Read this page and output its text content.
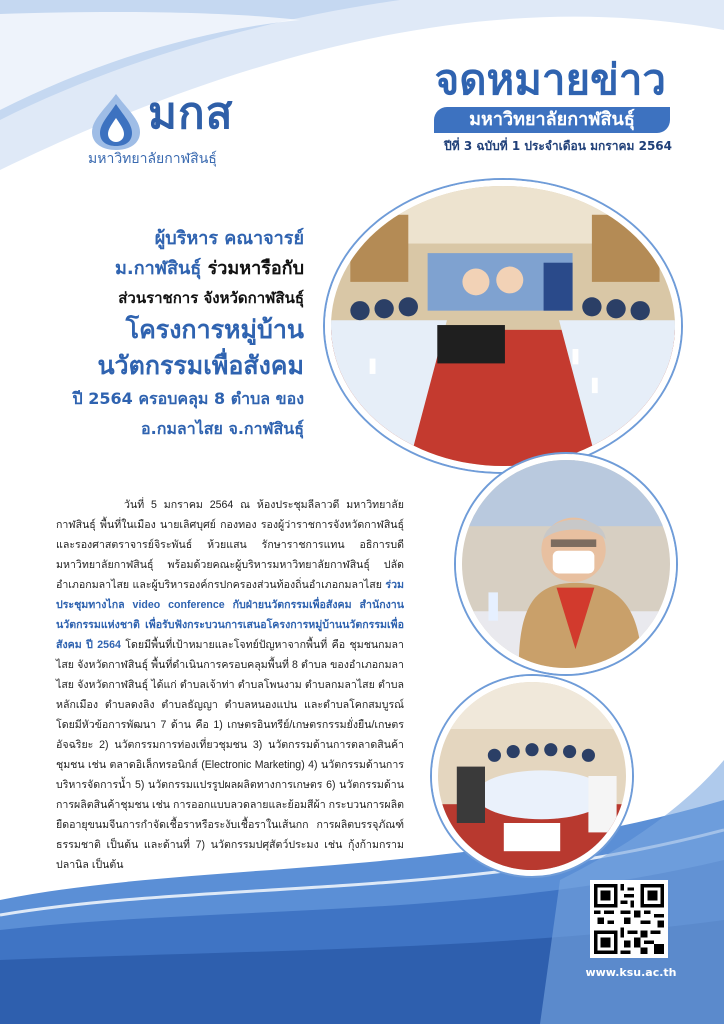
มกส
มหาวิทยาลัยกาฬสินธุ์
จดหมายข่าว
มหาวิทยาลัยกาฬสินธุ์
ปีที่ 3 ฉบับที่ 1 ประจำเดือน มกราคม 2564
ผู้บริหาร คณาจารย์
ม.กาฬสินธุ์ ร่วมหารือกับ
ส่วนราชการ จังหวัดกาฬสินธุ์
โครงการหมู่บ้าน
นวัตกรรมเพื่อสังคม
ปี 2564 ครอบคลุม 8 ตำบล ของ
อ.กมลาไสย จ.กาฬสินธุ์

วันที่ 5 มกราคม 2564 ณ ห้องประชุมลีลาวดี มหาวิทยาลัยกาฬสินธุ์ พื้นที่ในเมือง นายเลิศบุศย์ กองทอง รองผู้ว่าราชการจังหวัดกาฬสินธุ์ และรองศาสตราจารย์จิระพันธ์ ห้วยแสน รักษาราชการแทน อธิการบดีมหาวิทยาลัยกาฬสินธุ์ พร้อมด้วยคณะผู้บริหารมหาวิทยาลัยกาฬสินธุ์ ปลัดอำเภอกมลาไสย และผู้บริหารองค์กรปกครองส่วนท้องถิ่นอำเภอกมลาไสย ร่วมประชุมทางไกล video conference กับฝ่ายนวัตกรรมเพื่อสังคม สำนักงานนวัตกรรมแห่งชาติ เพื่อรับฟังกระบวนการเสนอโครงการหมู่บ้านนวัตกรรมเพื่อสังคม ปี 2564 โดยมีพื้นที่เป้าหมายและโจทย์ปัญหาจากพื้นที่ คือ ชุมชนกมลาไสย จังหวัดกาฬสินธุ์ พื้นที่ดำเนินการครอบคลุมพื้นที่ 8 ตำบล ของอำเภอกมลาไสย จังหวัดกาฬสินธุ์ ได้แก่ ตำบลเจ้าท่า ตำบลโพนงาม ตำบลกมลาไสย ตำบลหลักเมือง ตำบลดงลิง ตำบลธัญญา ตำบลหนองแปน และตำบลโคกสมบูรณ์ โดยมีหัวข้อการพัฒนา 7 ด้าน คือ 1) เกษตรอินทรีย์/เกษตรกรรมยั่งยืน/เกษตรอัจฉริยะ 2) นวัตกรรมการท่องเที่ยวชุมชน 3) นวัตกรรมด้านการตลาดสินค้าชุมชน เช่น ตลาดอิเล็กทรอนิกส์ (Electronic Marketing) 4) นวัตกรรมด้านการบริหารจัดการน้ำ 5) นวัตกรรมแปรรูปผลผลิตทางการเกษตร 6) นวัตกรรมด้านการผลิตสินค้าชุมชน เช่น การออกแบบลวดลายและย้อมสีผ้า กระบวนการผลิตยืดอายุขนมจีนการกำจัดเชื้อราหรือระงับเชื้อราในเส้นกก การผลิตบรรจุภัณฑ์ธรรมชาติ เป็นต้น และด้านที่ 7) นวัตกรรมปศุสัตว์ประมง เช่น กุ้งก้ามกราม ปลานิล เป็นต้น

www.ksu.ac.th
